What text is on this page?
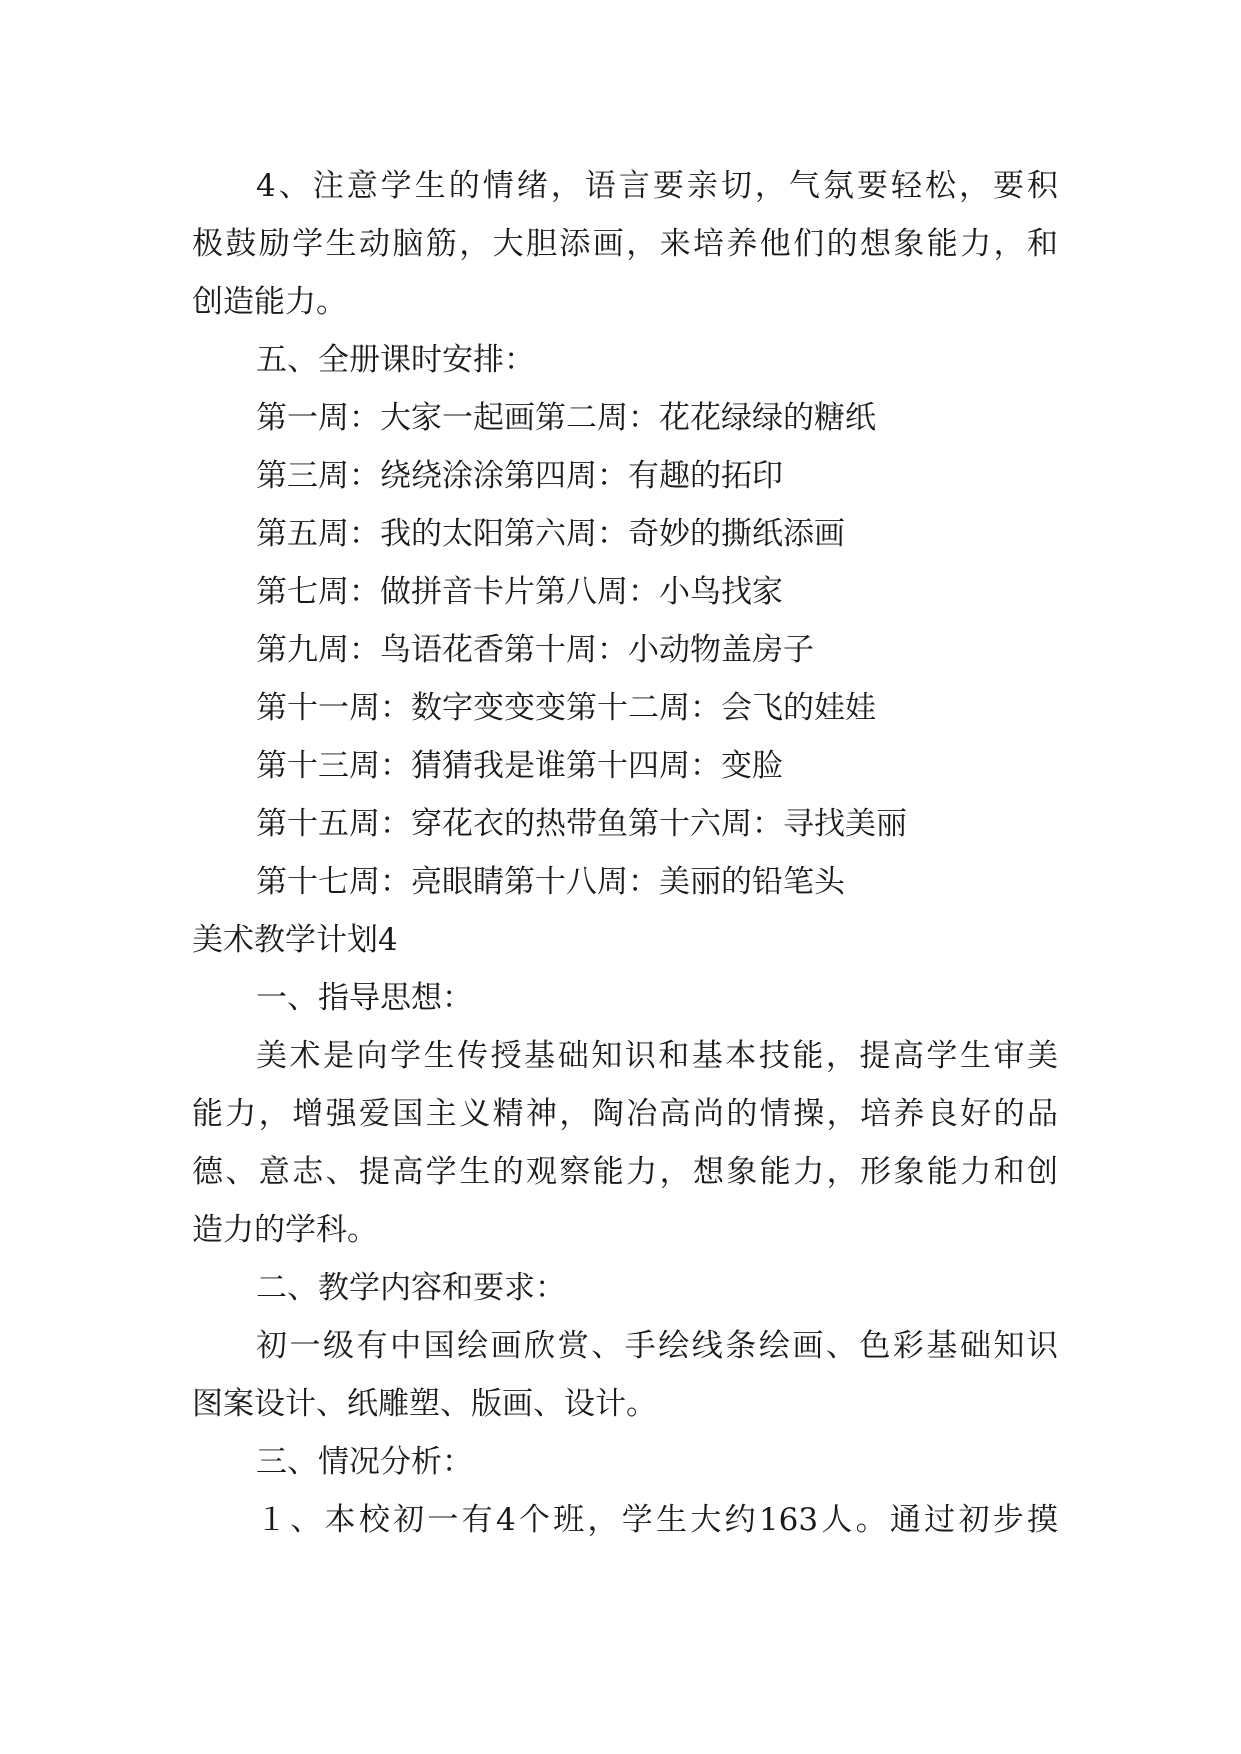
4、注意学生的情绪，语言要亲切，气氛要轻松，要积
极鼓励学生动脑筋，大胆添画，来培养他们的想象能力，和
创造能力。
五、全册课时安排：
第一周：大家一起画第二周：花花绿绿的糖纸
第三周：绕绕涂涂第四周：有趣的拓印
第五周：我的太阳第六周：奇妙的撕纸添画
第七周：做拼音卡片第八周：小鸟找家
第九周：鸟语花香第十周：小动物盖房子
第十一周：数字变变变第十二周：会飞的娃娃
第十三周：猜猜我是谁第十四周：变脸
第十五周：穿花衣的热带鱼第十六周：寻找美丽
第十七周：亮眼睛第十八周：美丽的铅笔头
美术教学计划4
一、指导思想：
美术是向学生传授基础知识和基本技能，提高学生审美
能力，增强爱国主义精神，陶冶高尚的情操，培养良好的品
德、意志、提高学生的观察能力，想象能力，形象能力和创
造力的学科。
二、教学内容和要求：
初一级有中国绘画欣赏、手绘线条绘画、色彩基础知识
图案设计、纸雕塑、版画、设计。
三、情况分析：
１、本校初一有4个班，学生大约163人。通过初步摸
